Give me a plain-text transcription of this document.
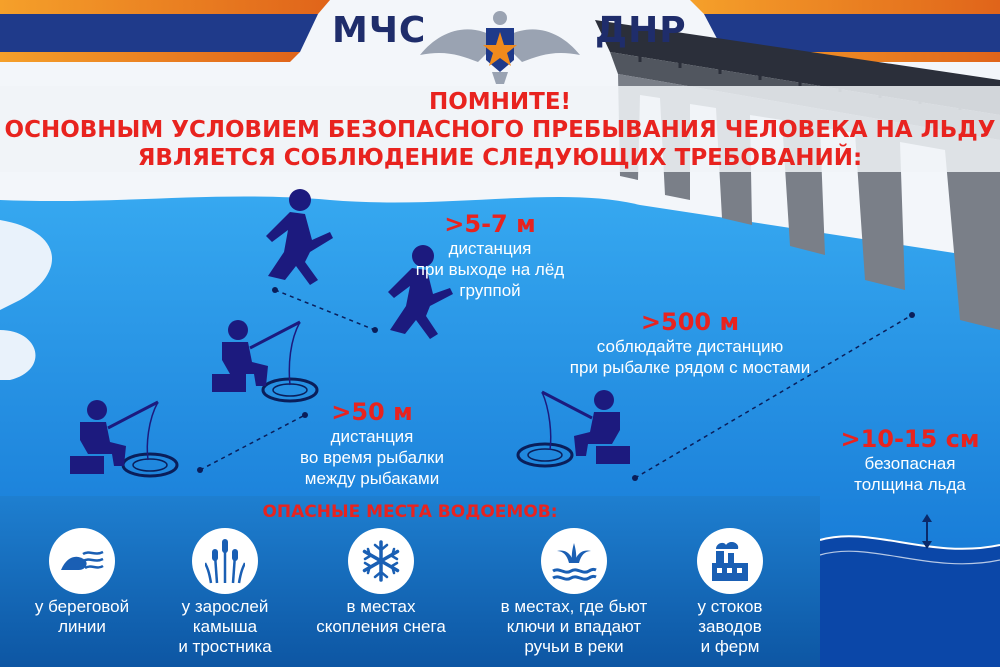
МЧС	ДНР
ПОМНИТЕ!
ОСНОВНЫМ УСЛОВИЕМ БЕЗОПАСНОГО ПРЕБЫВАНИЯ ЧЕЛОВЕКА НА ЛЬДУ
ЯВЛЯЕТСЯ СОБЛЮДЕНИЕ СЛЕДУЮЩИХ ТРЕБОВАНИЙ:
>5-7 м
дистанция
при выходе на лёд
группой
>500 м
соблюдайте дистанцию
при рыбалке рядом с мостами
>50 м
дистанция
во время рыбалки
между рыбаками
>10-15 см
безопасная
толщина льда
ОПАСНЫЕ МЕСТА ВОДОЕМОВ:
у береговой
линии
у зарослей
камыша
и тростника
в местах
скопления снега
в местах, где бьют
ключи и впадают
ручьи в реки
у стоков
заводов
и ферм
